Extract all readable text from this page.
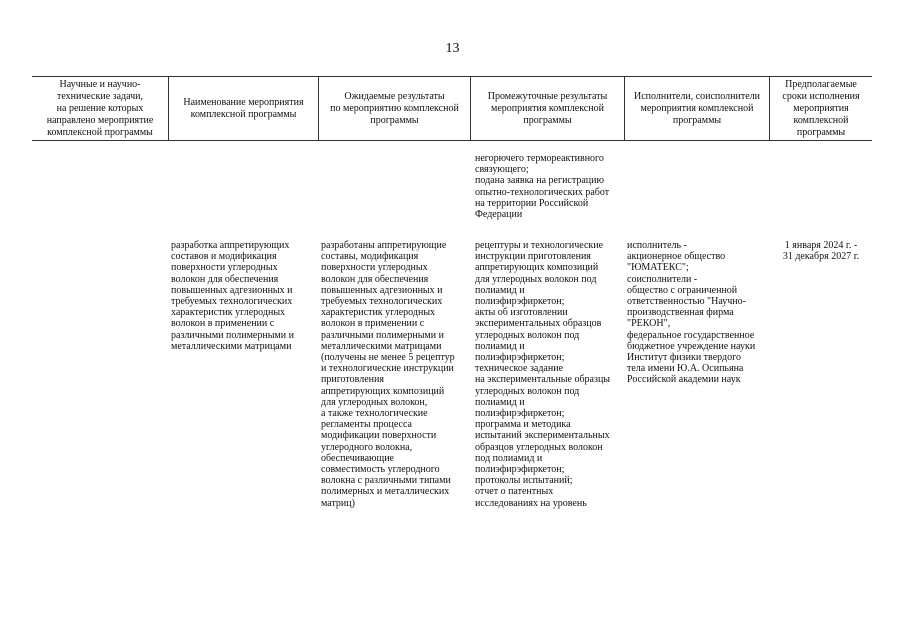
13
Научные и научно-
технические задачи,
на решение которых
направлено мероприятие
комплексной программы
Наименование мероприятия
комплексной программы
Ожидаемые результаты
по мероприятию комплексной
программы
Промежуточные результаты
мероприятия комплексной
программы
Исполнители, соисполнители
мероприятия комплексной
программы
Предполагаемые
сроки исполнения
мероприятия
комплексной
программы
негорючего термореактивного
связующего;
подана заявка на регистрацию
опытно-технологических работ
на территории Российской
Федерации
разработка аппретирующих
составов и модификация
поверхности углеродных
волокон для обеспечения
повышенных адгезионных и
требуемых технологических
характеристик углеродных
волокон в применении с
различными полимерными и
металлическими матрицами
разработаны аппретирующие
составы, модификация
поверхности углеродных
волокон для обеспечения
повышенных адгезионных и
требуемых технологических
характеристик углеродных
волокон в применении с
различными полимерными и
металлическими матрицами
(получены не менее 5 рецептур
и технологические инструкции
приготовления
аппретирующих композиций
для углеродных волокон,
а также технологические
регламенты процесса
модификации поверхности
углеродного волокна,
обеспечивающие
совместимость углеродного
волокна с различными типами
полимерных и металлических
матриц)
рецептуры и технологические
инструкции приготовления
аппретирующих композиций
для углеродных волокон под
полиамид и
полиэфирэфиркетон;
акты об изготовлении
экспериментальных образцов
углеродных волокон под
полиамид и
полиэфирэфиркетон;
техническое задание
на экспериментальные образцы
углеродных волокон под
полиамид и
полиэфирэфиркетон;
программа и методика
испытаний экспериментальных
образцов углеродных волокон
под полиамид и
полиэфирэфиркетон;
протоколы испытаний;
отчет о патентных
исследованиях на уровень
исполнитель -
акционерное общество
"ЮМАТЕКС";
соисполнители -
общество с ограниченной
ответственностью "Научно-
производственная фирма
"РЕКОН",
федеральное государственное
бюджетное учреждение науки
Институт физики твердого
тела имени Ю.А. Осипьяна
Российской академии наук
1 января 2024 г. -
31 декабря 2027 г.
